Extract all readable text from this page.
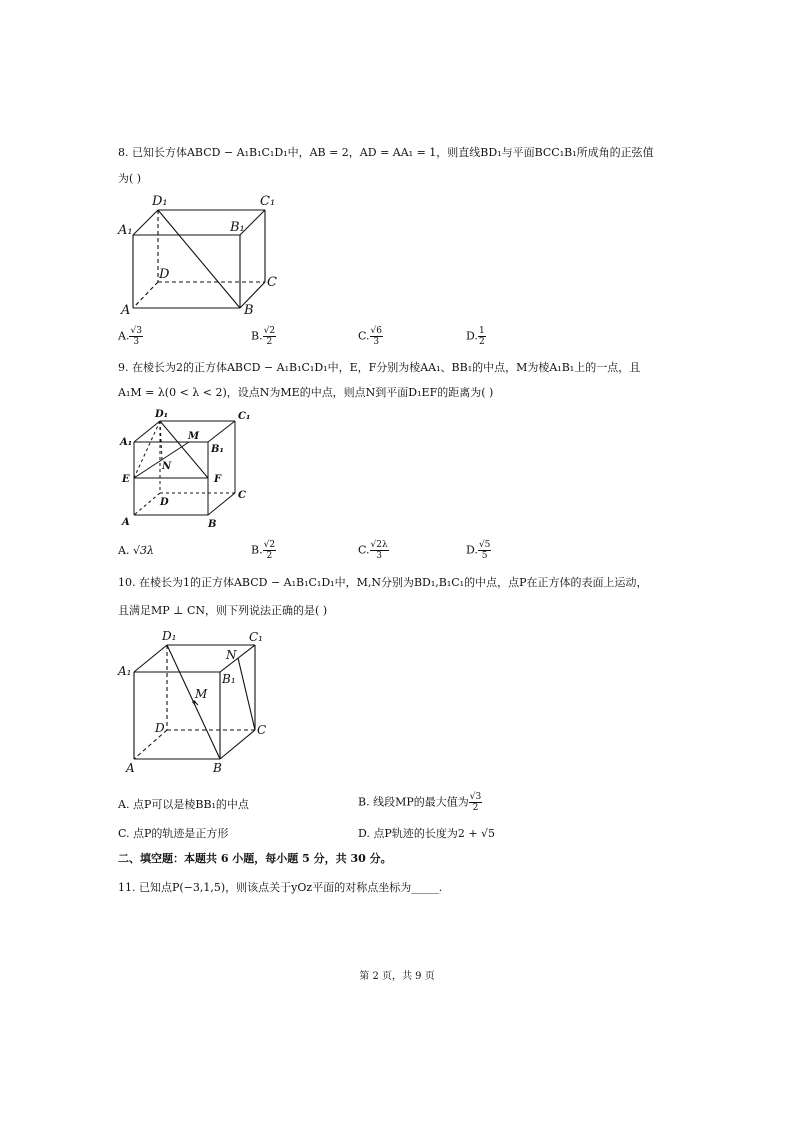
8. 已知长方体ABCD − A₁B₁C₁D₁中，AB = 2，AD = AA₁ = 1，则直线BD₁与平面BCC₁B₁所成角的正弦值
为( )
D₁	C₁
A₁	B₁
D
C
A	B
A. $\frac{√3}{3}$	B. $\frac{√2}{2}$	C. $\frac{√6}{3}$	D. $\frac{1}{2}$
9. 在棱长为2的正方体ABCD − A₁B₁C₁D₁中，E，F分别为棱AA₁、BB₁的中点，M为棱A₁B₁上的一点，且
A₁M = λ(0 < λ < 2)，设点N为ME的中点，则点N到平面D₁EF的距离为( )
D₁	C₁
A₁
M
B₁
N
E	F
D
C
A	B
A. √3λ	B. $\frac{√2}{2}$	C. $\frac{√2\lambda}{3}$	D. $\frac{√5}{5}$
10. 在棱长为1的正方体ABCD − A₁B₁C₁D₁中，M,N分别为BD₁,B₁C₁的中点，点P在正方体的表面上运动，
且满足MP ⊥ CN，则下列说法正确的是( )
D₁	C₁
N
A₁
B₁
M
D	C
A	B
A. 点P可以是棱BB₁的中点	B. 线段MP的最大值为 $\frac{√3}{2}$
C. 点P的轨迹是正方形	D. 点P轨迹的长度为2 + √5
二、填空题：本题共 6 小题，每小题 5 分，共 30 分。
11. 已知点P(−3,1,5)，则该点关于yOz平面的对称点坐标为_____.
第 2 页，共 9 页
